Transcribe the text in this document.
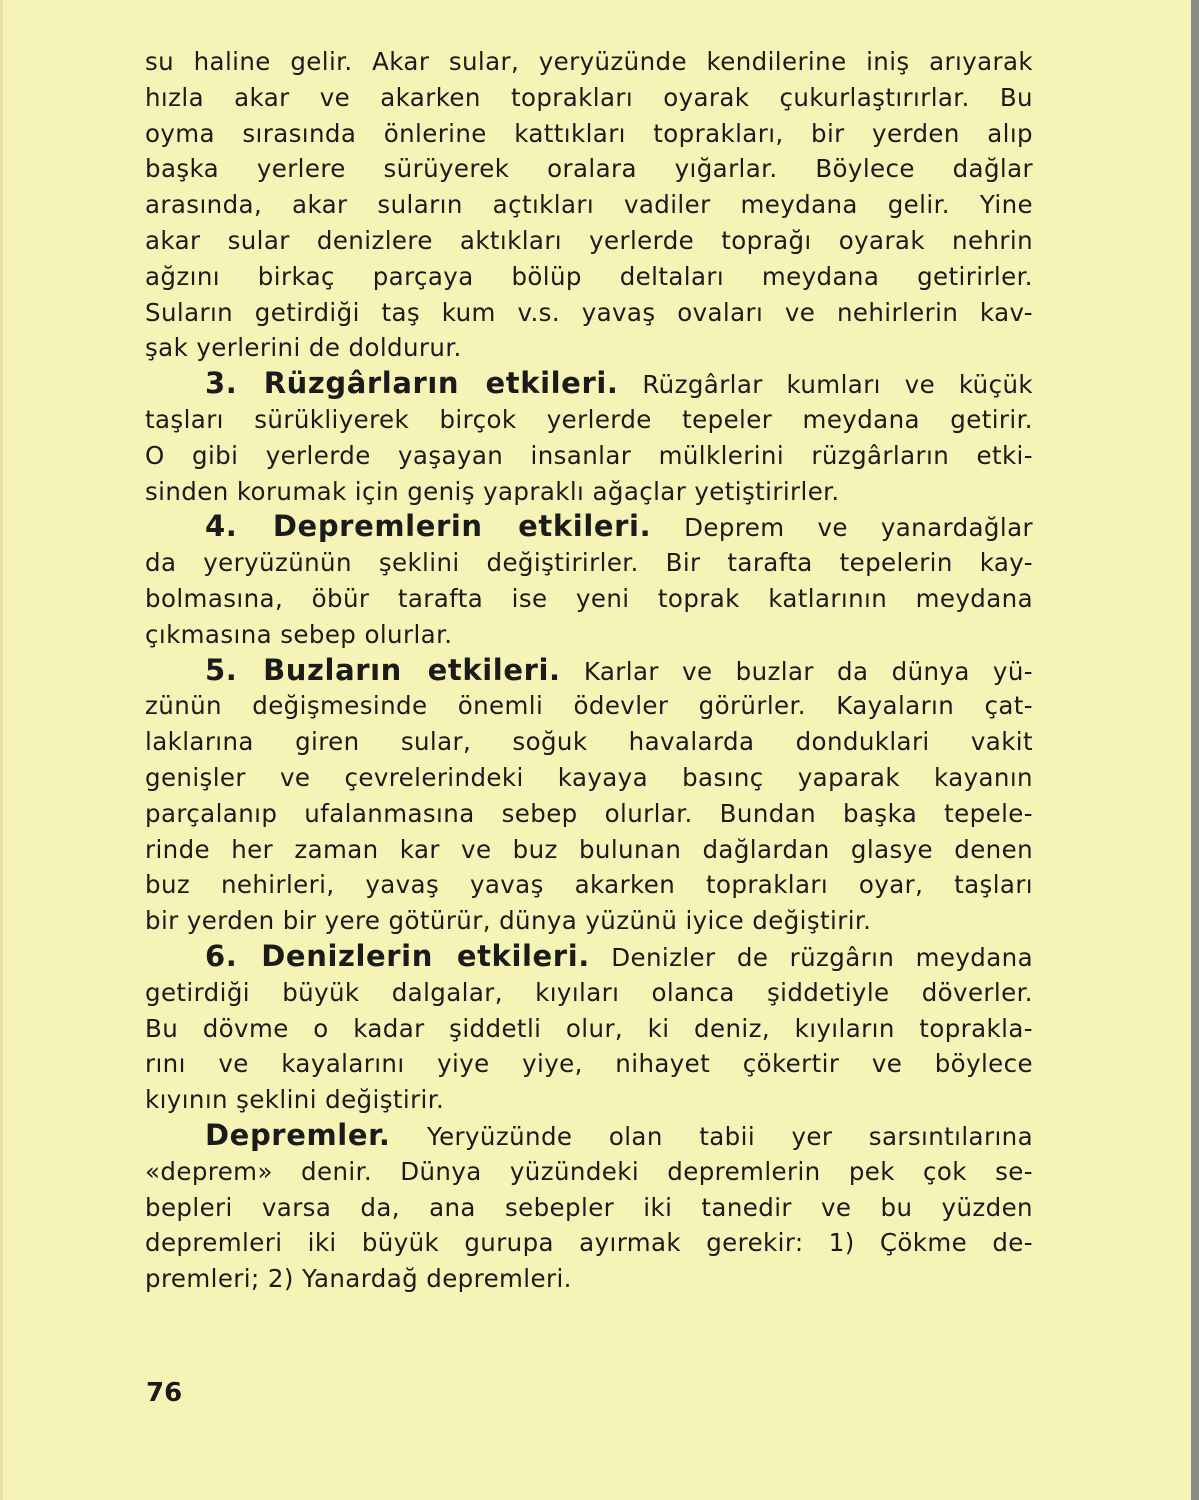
su haline gelir. Akar sular, yeryüzünde kendilerine iniş arıyarak
hızla akar ve akarken toprakları oyarak çukurlaştırırlar. Bu
oyma sırasında önlerine kattıkları toprakları, bir yerden alıp
başka yerlere sürüyerek oralara yığarlar. Böylece dağlar
arasında, akar suların açtıkları vadiler meydana gelir. Yine
akar sular denizlere aktıkları yerlerde toprağı oyarak nehrin
ağzını birkaç parçaya bölüp deltaları meydana getirirler.
Suların getirdiği taş kum v.s. yavaş ovaları ve nehirlerin kav-
şak yerlerini de doldurur.
3. Rüzgârların etkileri. Rüzgârlar kumları ve küçük
taşları sürükliyerek birçok yerlerde tepeler meydana getirir.
O gibi yerlerde yaşayan insanlar mülklerini rüzgârların etki-
sinden korumak için geniş yapraklı ağaçlar yetiştirirler.
4. Depremlerin etkileri. Deprem ve yanardağlar
da yeryüzünün şeklini değiştirirler. Bir tarafta tepelerin kay-
bolmasına, öbür tarafta ise yeni toprak katlarının meydana
çıkmasına sebep olurlar.
5. Buzların etkileri. Karlar ve buzlar da dünya yü-
zünün değişmesinde önemli ödevler görürler. Kayaların çat-
laklarına giren sular, soğuk havalarda donduklari vakit
genişler ve çevrelerindeki kayaya basınç yaparak kayanın
parçalanıp ufalanmasına sebep olurlar. Bundan başka tepele-
rinde her zaman kar ve buz bulunan dağlardan glasye denen
buz nehirleri, yavaş yavaş akarken toprakları oyar, taşları
bir yerden bir yere götürür, dünya yüzünü iyice değiştirir.
6. Denizlerin etkileri. Denizler de rüzgârın meydana
getirdiği büyük dalgalar, kıyıları olanca şiddetiyle döverler.
Bu dövme o kadar şiddetli olur, ki deniz, kıyıların toprakla-
rını ve kayalarını yiye yiye, nihayet çökertir ve böylece
kıyının şeklini değiştirir.
Depremler. Yeryüzünde olan tabii yer sarsıntılarına
«deprem» denir. Dünya yüzündeki depremlerin pek çok se-
bepleri varsa da, ana sebepler iki tanedir ve bu yüzden
depremleri iki büyük gurupa ayırmak gerekir: 1) Çökme de-
premleri; 2) Yanardağ depremleri.
76
